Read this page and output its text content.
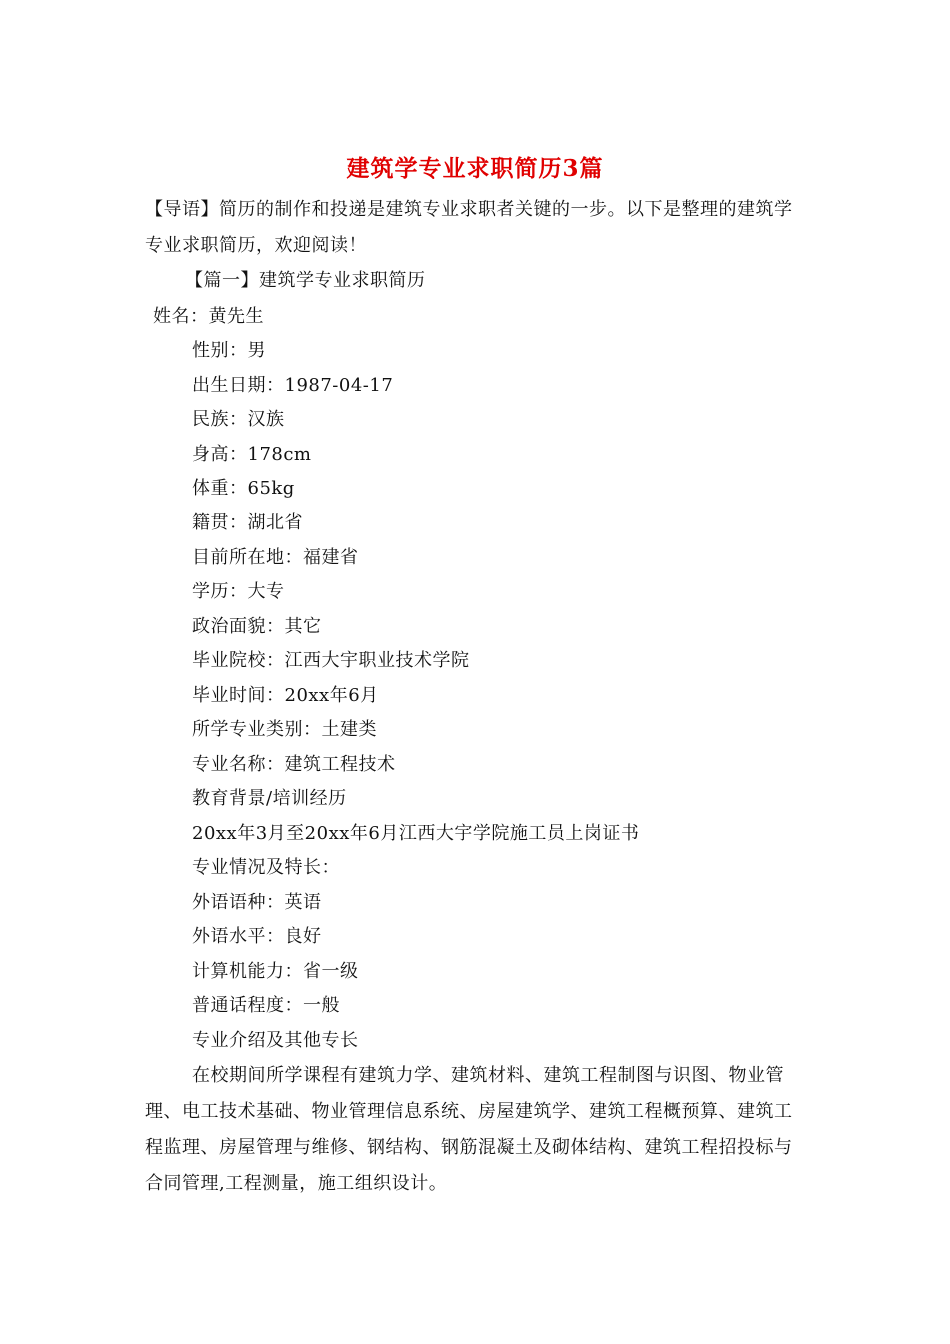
建筑学专业求职简历3篇
【导语】简历的制作和投递是建筑专业求职者关键的一步。以下是整理的建筑学专业求职简历，欢迎阅读！
【篇一】建筑学专业求职简历
姓名：黄先生
性别：男
出生日期：1987-04-17
民族：汉族
身高：178cm
体重：65kg
籍贯：湖北省
目前所在地：福建省
学历：大专
政治面貌：其它
毕业院校：江西大宇职业技术学院
毕业时间：20xx年6月
所学专业类别：土建类
专业名称：建筑工程技术
教育背景/培训经历
20xx年3月至20xx年6月江西大宇学院施工员上岗证书
专业情况及特长：
外语语种：英语
外语水平：良好
计算机能力：省一级
普通话程度：一般
专业介绍及其他专长
在校期间所学课程有建筑力学、建筑材料、建筑工程制图与识图、物业管理、电工技术基础、物业管理信息系统、房屋建筑学、建筑工程概预算、建筑工程监理、房屋管理与维修、钢结构、钢筋混凝土及砌体结构、建筑工程招投标与合同管理,工程测量，施工组织设计。
